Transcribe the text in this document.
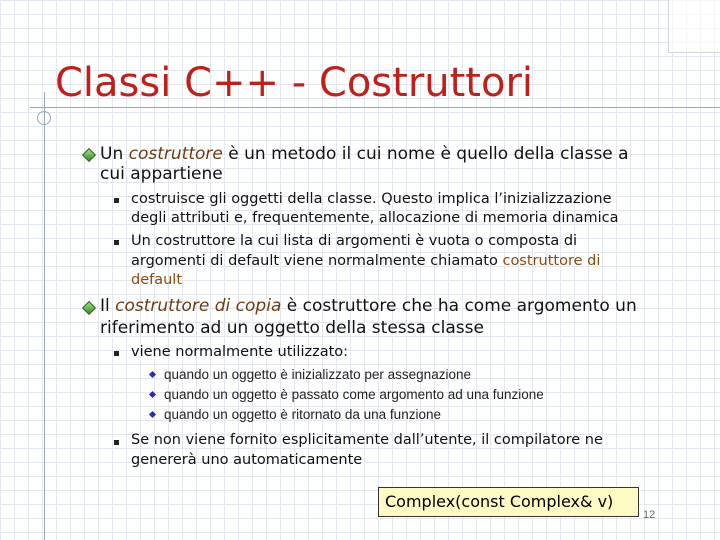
Classi C++ - Costruttori
Un costruttore è un metodo il cui nome è quello della classe a
cui appartiene
costruisce gli oggetti della classe. Questo implica l’inizializzazione
degli attributi e, frequentemente, allocazione di memoria dinamica
Un costruttore la cui lista di argomenti è vuota o composta di
argomenti di default viene normalmente chiamato costruttore di
default
Il costruttore di copia è costruttore che ha come argomento un
riferimento ad un oggetto della stessa classe
viene normalmente utilizzato:
quando un oggetto è inizializzato per assegnazione
quando un oggetto è passato come argomento ad una funzione
quando un oggetto è ritornato da una funzione
Se non viene fornito esplicitamente dall’utente, il compilatore ne
genererà uno automaticamente
Complex(const Complex& v)
12
